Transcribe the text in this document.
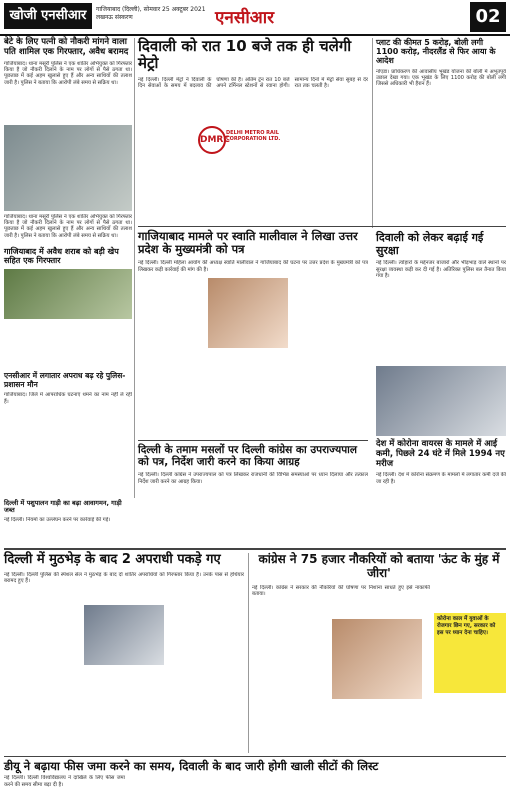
खोजी एनसीआर	गाजियाबाद (दिल्ली), सोमवार 25 अक्टूबर 2021
लखनऊ संस्करण	एनसीआर	02
बेटे के लिए पत्नी को नौकरी मांगने वाला पति शामिल एक गिरफ्तार, अवैध बरामद
गाजियाबाद। थाना मसूरी पुलिस ने एक शातिर अभियुक्त को गिरफ्तार किया है जो नौकरी दिलाने के नाम पर लोगों से पैसे ठगता था। पूछताछ में कई अहम खुलासे हुए हैं और अन्य साथियों की तलाश जारी है। पुलिस ने बताया कि आरोपी लंबे समय से सक्रिय था।
गाजियाबाद। थाना मसूरी पुलिस ने एक शातिर अभियुक्त को गिरफ्तार किया है जो नौकरी दिलाने के नाम पर लोगों से पैसे ठगता था। पूछताछ में कई अहम खुलासे हुए हैं और अन्य साथियों की तलाश जारी है। पुलिस ने बताया कि आरोपी लंबे समय से सक्रिय था।
गाजियाबाद में अवैध शराब को बड़ी खेप सहित एक गिरफ्तार
दिवाली को रात 10 बजे तक ही चलेगी मेट्रो
नई दिल्ली। दिल्ली मेट्रो ने दिवाली के दिन सेवाओं के समय में बदलाव की घोषणा की है। अंतिम ट्रेन रात 10 बजे अपने टर्मिनल स्टेशनों से रवाना होगी। सामान्य दिनों में मेट्रो सेवा सुबह से देर रात तक चलती है।
DMRC
DELHI METRO RAIL CORPORATION LTD.
प्लाट की कीमत 5 करोड़, बोली लगी 1100 करोड़, नीदरलैंड से फिर आया के आदेश
नोएडा। प्राधिकरण की आवासीय भूखंड योजना की बोली में अभूतपूर्व उछाल देखा गया। एक भूखंड के लिए 1100 करोड़ की बोली लगी जिससे अधिकारी भी हैरान हैं।
गाजियाबाद मामले पर स्वाति मालीवाल ने लिखा उत्तर प्रदेश के मुख्यमंत्री को पत्र
नई दिल्ली। दिल्ली महिला आयोग की अध्यक्ष स्वाति मालीवाल ने गाजियाबाद की घटना पर उत्तर प्रदेश के मुख्यमंत्री को पत्र लिखकर कड़ी कार्रवाई की मांग की है।
दिवाली को लेकर बढ़ाई गई सुरक्षा
नई दिल्ली। त्योहारों के मद्देनजर बाजारों और भीड़भाड़ वाले स्थानों पर सुरक्षा व्यवस्था कड़ी कर दी गई है। अतिरिक्त पुलिस बल तैनात किया गया है।
एनसीआर में लगातार अपराध बढ़ रहे पुलिस-प्रशासन मौन
गाजियाबाद। जिले में आपराधिक घटनाएं थमने का नाम नहीं ले रही हैं।
दिल्ली के तमाम मसलों पर दिल्ली कांग्रेस का उपराज्यपाल को पत्र, निर्देश जारी करने का किया आग्रह
नई दिल्ली। दिल्ली कांग्रेस ने उपराज्यपाल को पत्र लिखकर राजधानी की विभिन्न समस्याओं पर ध्यान दिलाया और तत्काल निर्देश जारी करने का आग्रह किया।
देश में कोरोना वायरस के मामले में आई कमी, पिछले 24 घंटे में मिले 1994 नए मरीज
नई दिल्ली। देश में कोरोना संक्रमण के मामलों में लगातार कमी दर्ज की जा रही है।
दिल्ली में पशुपालन गाड़ी का बढ़ा आवागमन, गाड़ी जब्त
नई दिल्ली। नियमों का उल्लंघन करने पर कार्रवाई की गई।
दिल्ली में मुठभेड़ के बाद 2 अपराधी पकड़े गए
नई दिल्ली। दिल्ली पुलिस की स्पेशल सेल ने मुठभेड़ के बाद दो शातिर अपराधियों को गिरफ्तार किया है। उनके पास से हथियार बरामद हुए हैं।
कांग्रेस ने 75 हजार नौकरियों को बताया 'ऊंट के मुंह में जीरा'
कोरोना काल में युवाओं के रोजगार छिन गए, सरकार को इस पर ध्यान देना चाहिए।
नई दिल्ली। कांग्रेस ने सरकार की नौकरियों की घोषणा पर निशाना साधते हुए इसे नाकाफी बताया।
डीयू ने बढ़ाया फीस जमा करने का समय, दिवाली के बाद जारी होगी खाली सीटों की लिस्ट
नई दिल्ली। दिल्ली विश्वविद्यालय ने दाखिले के लिए फीस जमा करने की समय सीमा बढ़ा दी है।
